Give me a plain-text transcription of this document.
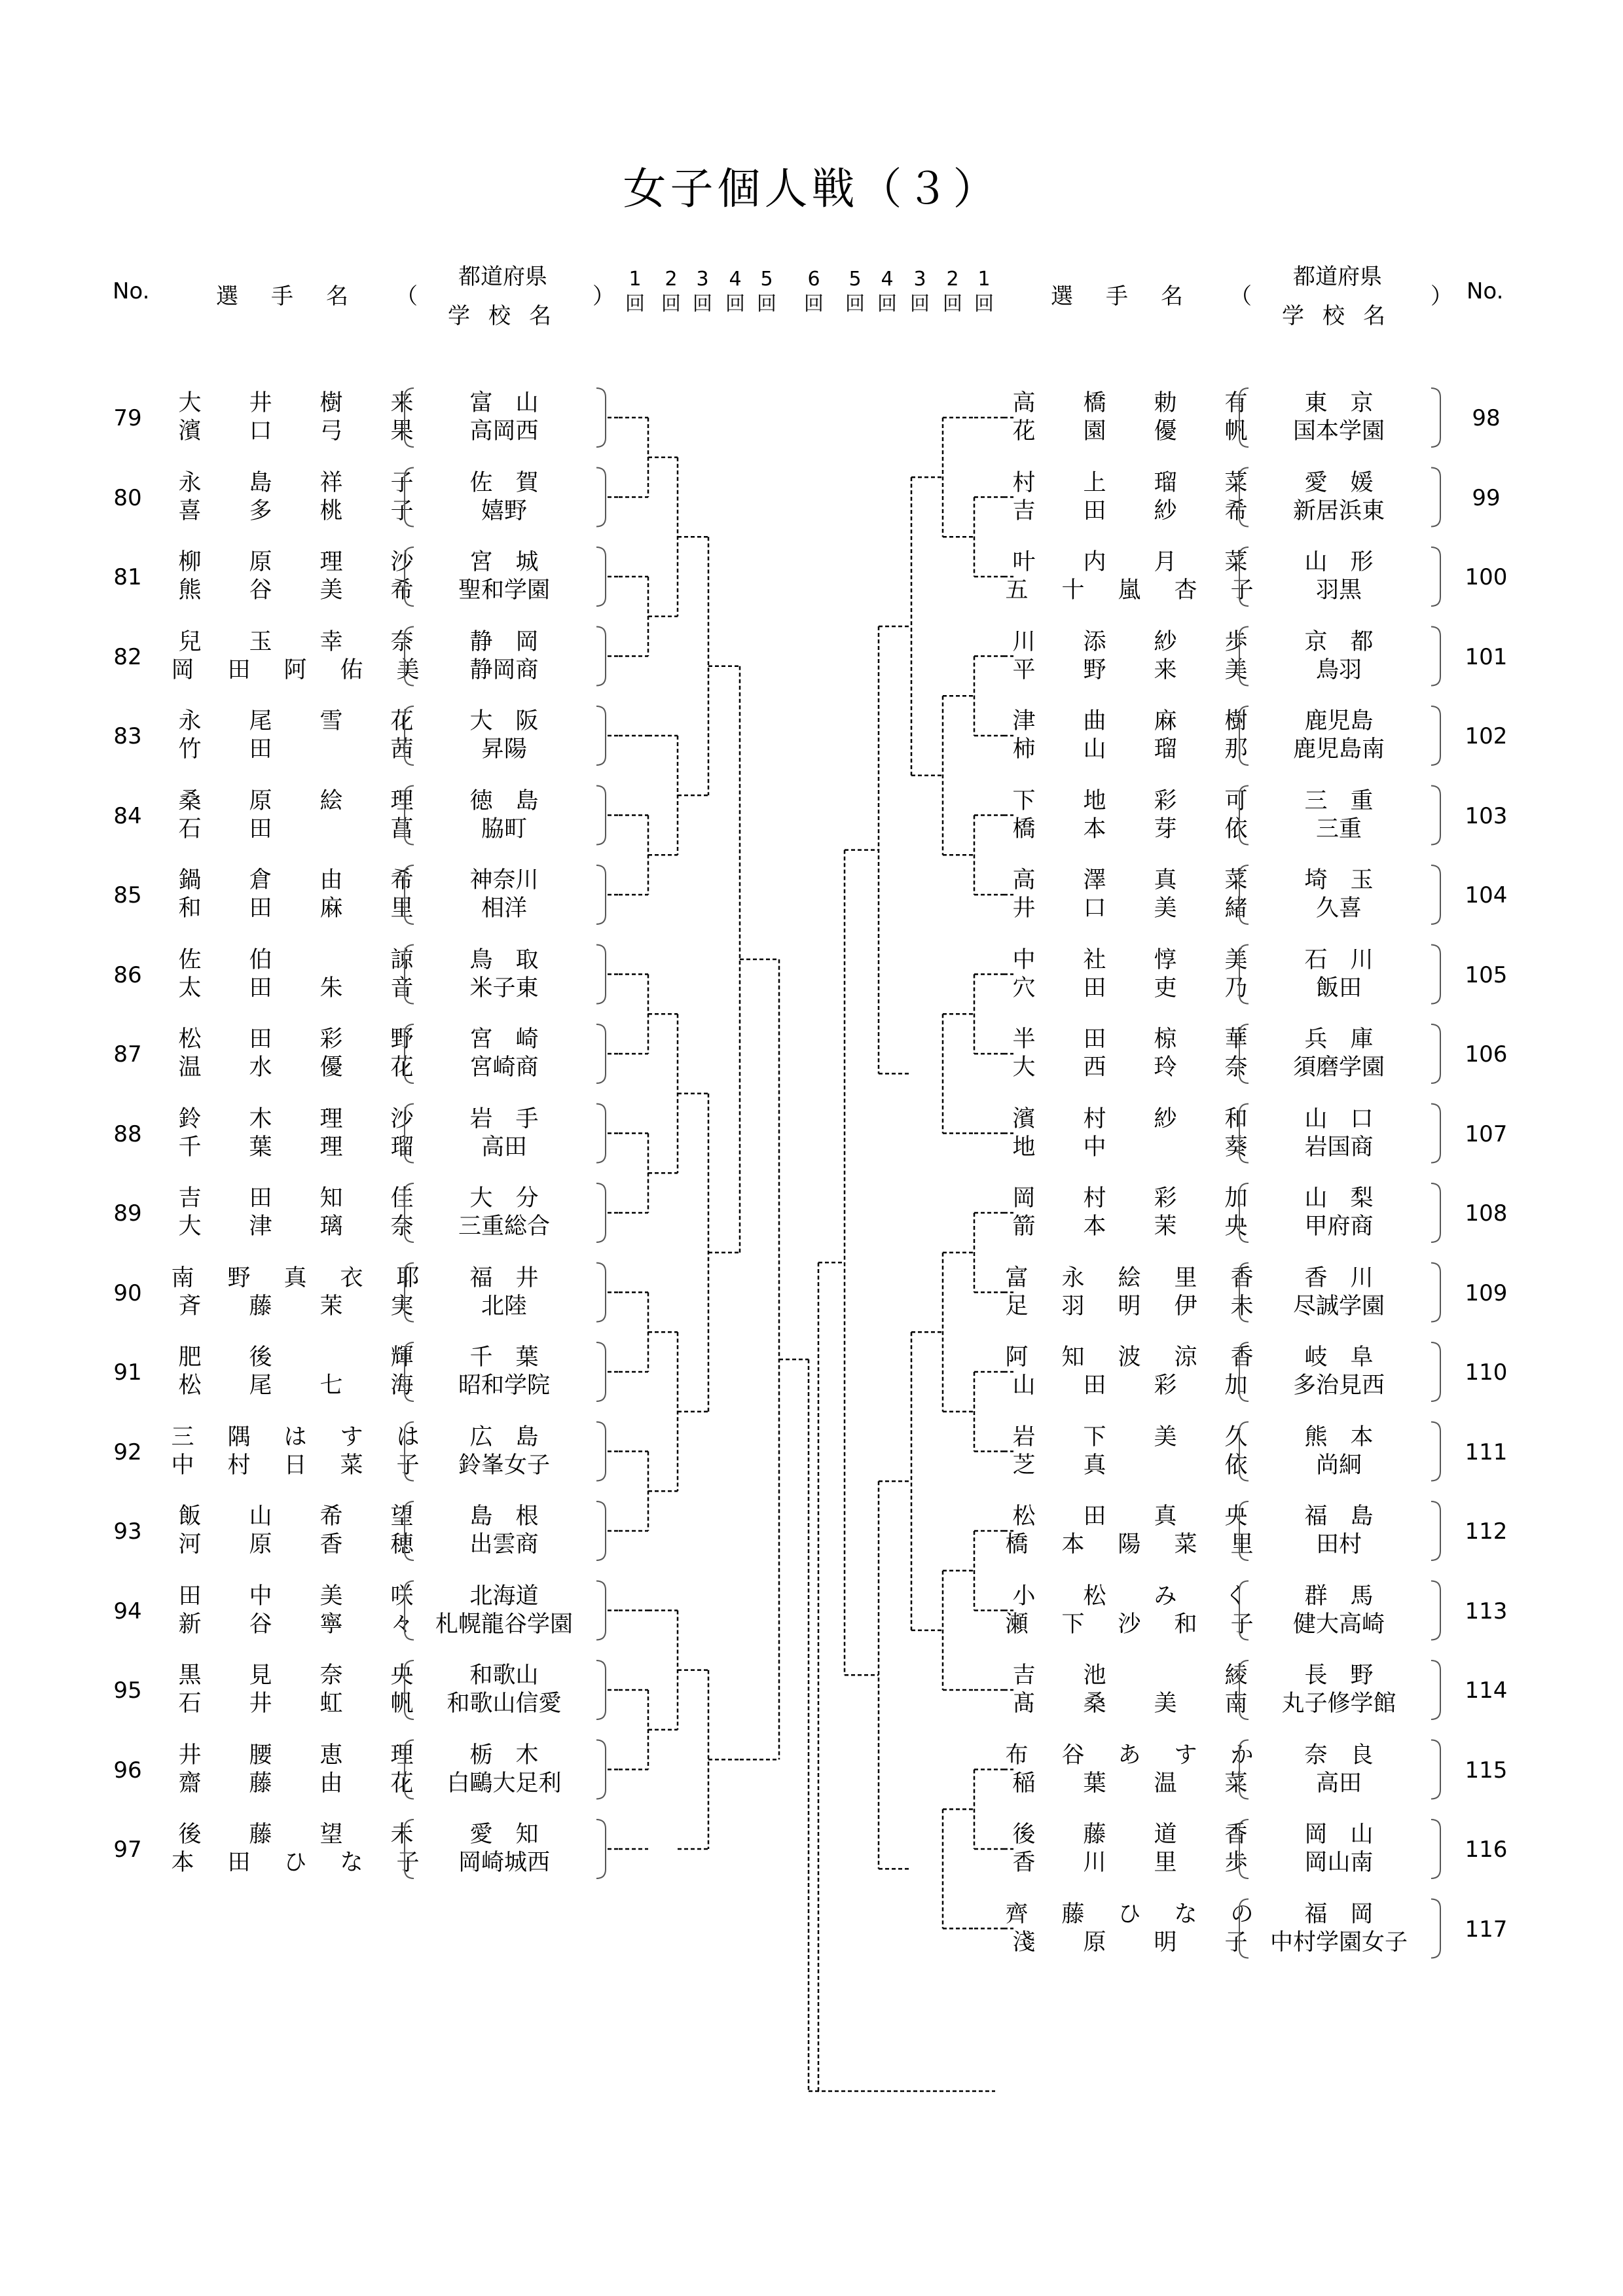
女子個人戦（３）
No.	選手名 （
都道府県
学校名
）
1
回
2
回
3
回
4
回
5
回
6
回
5
回
4
回
3
回
2
回
1
回	選手名 （
都道府県
学校名
） No.
79
大 井 樹 来
濱 口 弓 果
富　山
高岡西
80
永 島 祥 子
喜 多 桃 子
佐　賀
嬉野
81
柳 原 理 沙
熊 谷 美 希
宮　城
聖和学園
82
兒 玉 幸 奈
岡 田 阿 佑 美
静　岡
静岡商
83
永 尾 雪 花
竹 田	茜
大　阪
昇陽
84
桑 原 絵 理
石 田	菖
徳　島
脇町
85
鍋 倉 由 希
和 田 麻 里
神奈川
相洋
86
佐 伯	諒
太 田 朱 音
鳥　取
米子東
87
松 田 彩 野
温 水 優 花
宮　崎
宮崎商
88
鈴 木 理 沙
千 葉 理 瑠
岩　手
高田
89
吉 田 知 佳
大 津 璃 奈
大　分
三重総合
90
南 野 真 衣 耶
斉 藤 茉 実
福　井
北陸
91
肥 後	輝
松 尾 七 海
千　葉
昭和学院
92
三 隅 は す は
中 村 日 菜 子
広　島
鈴峯女子
93
飯 山 希 望
河 原 香 穂
島　根
出雲商
94
田 中 美 咲
新 谷 寧 々
北海道
札幌龍谷学園
95
黒 見 奈 央
石 井 虹 帆
和歌山
和歌山信愛
96
井 腰 恵 理
齋 藤 由 花
栃　木
白鷗大足利
97
後 藤 望 未
本 田 ひ な 子
愛　知
岡崎城西
98
高 橋 勅 有
花 園 優 帆
東　京
国本学園
99
村 上 瑠 菜
吉 田 紗 希
愛　媛
新居浜東
100
叶 内 月 菜
五 十 嵐 杏 子
山　形
羽黒
101
川 添 紗 歩
平 野 来 美
京　都
鳥羽
102
津 曲 麻 樹
柿 山 瑠 那
鹿児島
鹿児島南
103
下 地 彩 可
橋 本 芽 依
三　重
三重
104
高 澤 真 菜
井 口 美 緒
埼　玉
久喜
105
中 社 惇 美
穴 田 吏 乃
石　川
飯田
106
半 田 椋 華
大 西 玲 奈
兵　庫
須磨学園
107
濱 村 紗 和
地 中	葵
山　口
岩国商
108
岡 村 彩 加
箭 本 茉 央
山　梨
甲府商
109
富 永 絵 里 香
足 羽 明 伊 未
香　川
尽誠学園
110
阿 知 波 涼 香
山 田 彩 加
岐　阜
多治見西
111
岩 下 美 久
芝 真	依
熊　本
尚絅
112
松 田 真 央
橋 本 陽 菜 里
福　島
田村
113
小 松 み く
瀬 下 沙 和 子
群　馬
健大高崎
114
吉 池	綾
髙 桑 美 南
長　野
丸子修学館
115
布 谷 あ す か
稲 葉 温 菜
奈　良
高田
116
後 藤 道 香
香 川 里 歩
岡　山
岡山南
117
齊 藤 ひ な の
淺 原 明 子
福　岡
中村学園女子
